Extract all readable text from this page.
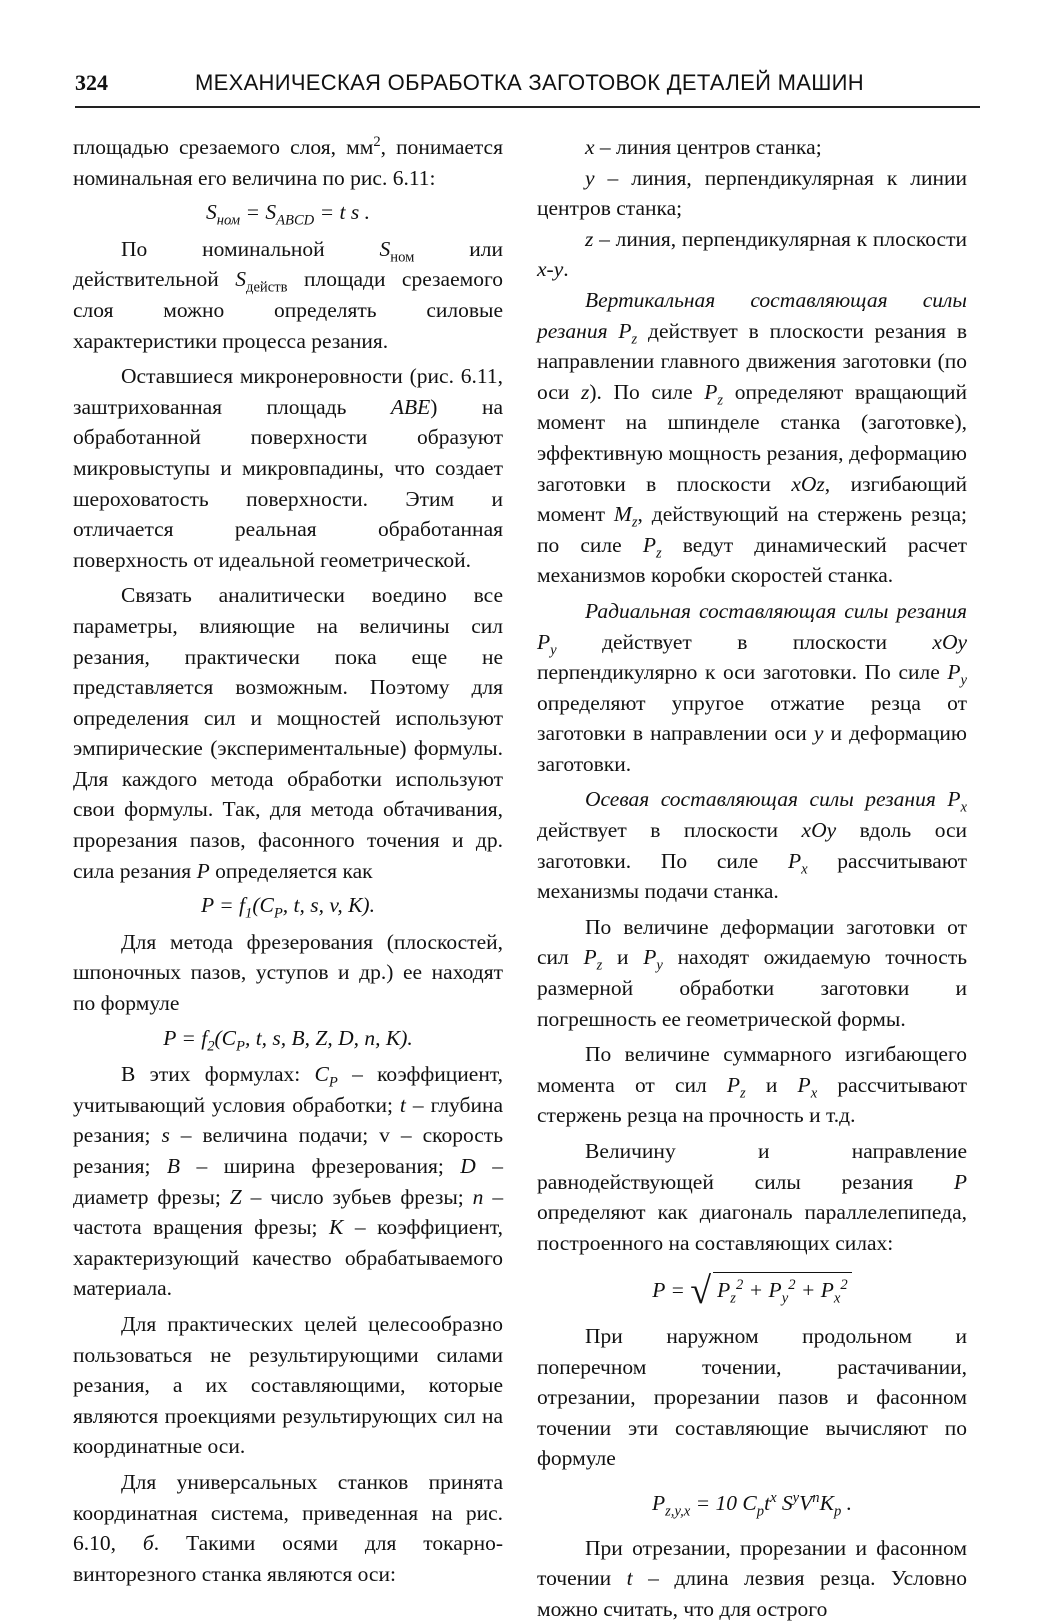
324	МЕХАНИЧЕСКАЯ ОБРАБОТКА ЗАГОТОВОК ДЕТАЛЕЙ МАШИН

площадью срезаемого слоя, $мм^2$, понимается номинальная его величина по рис. 6.11:

$S_{ном} = S_{ABCD} = t$ s .

По номинальной	$S_{ном}$	или действительной $S_{действ}$ площади срезаемого слоя можно определять силовые характеристики процесса резания.

Оставшиеся микронеровности (рис. 6.11, заштрихованная площадь ABE) на обработанной поверхности образуют микровыступы и микровпадины, что создает шероховатость поверхности. Этим и отличается реальная обработанная поверхность от идеальной геометрической.

Связать аналитически воедино все параметры, влияющие на величины сил резания, практически пока еще не представляется возможным. Поэтому для определения сил и мощностей используют эмпирические (экспериментальные) формулы. Для каждого метода обработки используют свои формулы. Так, для метода обтачивания, прорезания пазов, фасонного точения и др. сила резания P определяется как

$P = f_1(C_P$, t, s, v, K).

Для метода фрезерования (плоскостей, шпоночных пазов, уступов и др.) ее находят по формуле

$P = f_2(C_P$, t, s, B, Z, D, n, K).

В этих формулах: $C_P$ – коэффициент, учитывающий условия обработки; t – глубина резания; s – величина подачи; v – скорость резания; B – ширина фрезерования; D – диаметр фрезы; Z – число зубьев фрезы; n – частота вращения фрезы; K – коэффициент, характеризующий качество обрабатываемого материала.

Для практических целей целесообразно пользоваться не результирующими силами резания, а их составляющими, которые являются проекциями результирующих сил на координатные оси.

Для универсальных станков принята координатная система, приведенная на рис. 6.10, б. Такими осями для токарно-винторезного станка являются оси:

x – линия центров станка;

y – линия, перпендикулярная к линии центров станка;

z – линия, перпендикулярная к плоскости x-y.

Вертикальная составляющая силы резания $P_z$ действует в плоскости резания в направлении главного движения заготовки (по оси z). По силе $P_z$ определяют вращающий момент на шпинделе станка (заготовке), эффективную мощность резания, деформацию заготовки в плоскости xOz, изгибающий момент $M_z$, действующий на стержень резца; по силе $P_z$ ведут динамический расчет механизмов коробки скоростей станка.

Радиальная составляющая силы резания $P_y$ действует в плоскости xOy перпендикулярно к оси заготовки. По силе $P_y$ определяют упругое отжатие резца от заготовки в направлении оси y и деформацию заготовки.

Осевая составляющая силы резания $P_x$ действует в плоскости xOy вдоль оси заготовки. По силе $P_x$ рассчитывают механизмы подачи станка.

По величине деформации заготовки от сил $P_z$ и $P_y$ находят ожидаемую точность размерной обработки заготовки и погрешность ее геометрической формы.

По величине суммарного изгибающего момента от сил $P_z$ и $P_x$ рассчитывают стержень резца на прочность и т.д.

Величину и направление равнодействующей силы резания P определяют как диагональ параллелепипеда, построенного на составляющих силах:

P = √ $P_z^2 + P_y^2 + P_x^2$

При наружном продольном и поперечном точении, растачивании, отрезании, прорезании пазов и фасонном точении эти составляющие вычисляют по формуле

$P_{z,y,x} = 10$ $C_pt^x$ $S^yV^nK_p$ .

При отрезании, прорезании и фасонном точении t – длина лезвия резца. Условно можно считать, что для острого
